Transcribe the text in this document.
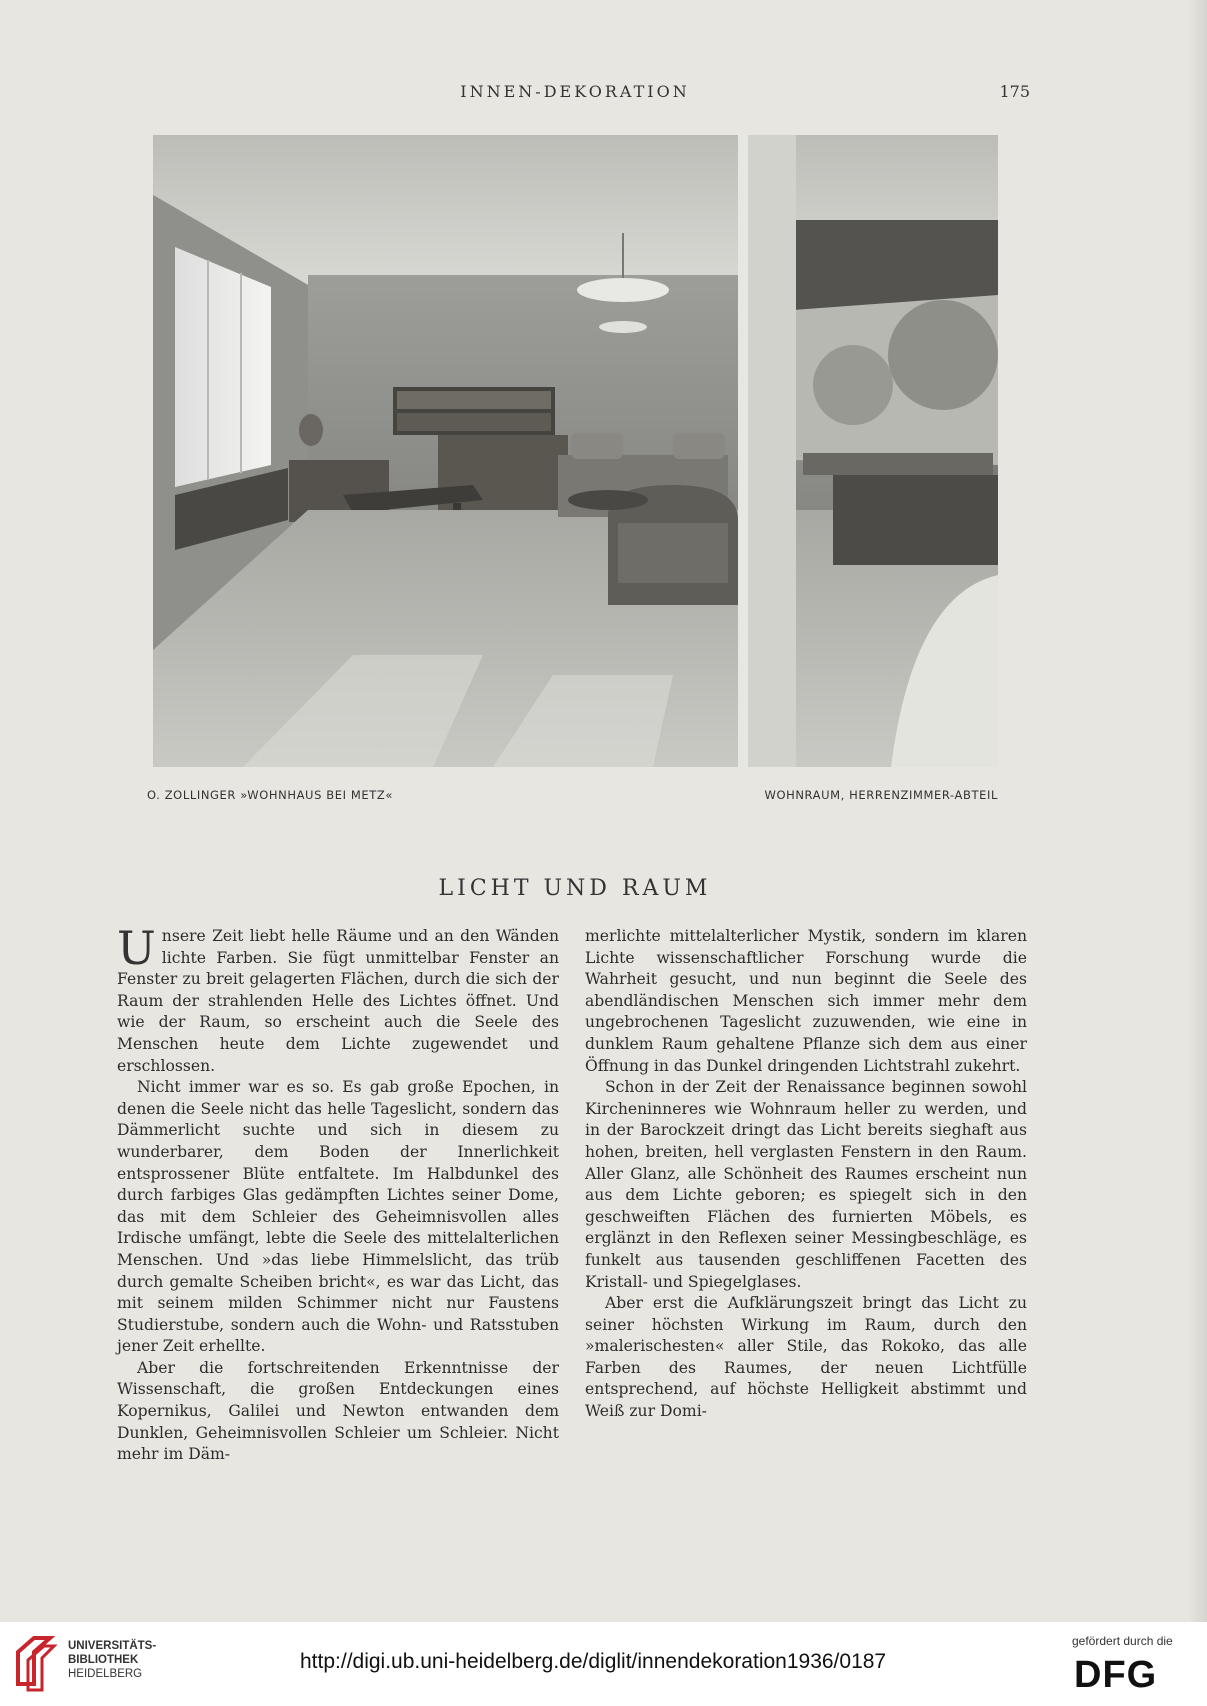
INNEN-DEKORATION	175
O. ZOLLINGER »WOHNHAUS BEI METZ«	WOHNRAUM, HERRENZIMMER-ABTEIL
LICHT UND RAUM

Unsere Zeit liebt helle Räume und an den Wänden lichte Farben. Sie fügt unmittelbar Fenster an Fenster zu breit gelagerten Flächen, durch die sich der Raum der strahlenden Helle des Lichtes öffnet. Und wie der Raum, so erscheint auch die Seele des Menschen heute dem Lichte zugewendet und erschlossen.

Nicht immer war es so. Es gab große Epochen, in denen die Seele nicht das helle Tageslicht, sondern das Dämmerlicht suchte und sich in diesem zu wunderbarer, dem Boden der Innerlichkeit entsprossener Blüte entfaltete. Im Halbdunkel des durch farbiges Glas gedämpften Lichtes seiner Dome, das mit dem Schleier des Geheimnisvollen alles Irdische umfängt, lebte die Seele des mittelalterlichen Menschen. Und »das liebe Himmelslicht, das trüb durch gemalte Scheiben bricht«, es war das Licht, das mit seinem milden Schimmer nicht nur Faustens Studierstube, sondern auch die Wohn- und Ratsstuben jener Zeit erhellte.

Aber die fortschreitenden Erkenntnisse der Wissenschaft, die großen Entdeckungen eines Kopernikus, Galilei und Newton entwanden dem Dunklen, Geheimnisvollen Schleier um Schleier. Nicht mehr im Däm-

merlichte mittelalterlicher Mystik, sondern im klaren Lichte wissenschaftlicher Forschung wurde die Wahrheit gesucht, und nun beginnt die Seele des abendländischen Menschen sich immer mehr dem ungebrochenen Tageslicht zuzuwenden, wie eine in dunklem Raum gehaltene Pflanze sich dem aus einer Öffnung in das Dunkel dringenden Lichtstrahl zukehrt.

Schon in der Zeit der Renaissance beginnen sowohl Kircheninneres wie Wohnraum heller zu werden, und in der Barockzeit dringt das Licht bereits sieghaft aus hohen, breiten, hell verglasten Fenstern in den Raum. Aller Glanz, alle Schönheit des Raumes erscheint nun aus dem Lichte geboren; es spiegelt sich in den geschweiften Flächen des furnierten Möbels, es erglänzt in den Reflexen seiner Messingbeschläge, es funkelt aus tausenden geschliffenen Facetten des Kristall- und Spiegelglases.

Aber erst die Aufklärungszeit bringt das Licht zu seiner höchsten Wirkung im Raum, durch den »malerischesten« aller Stile, das Rokoko, das alle Farben des Raumes, der neuen Lichtfülle entsprechend, auf höchste Helligkeit abstimmt und Weiß zur Domi-

UNIVERSITÄTS-
BIBLIOTHEK
HEIDELBERG
http://digi.ub.uni-heidelberg.de/diglit/innendekoration1936/0187
gefördert durch die
DFG
